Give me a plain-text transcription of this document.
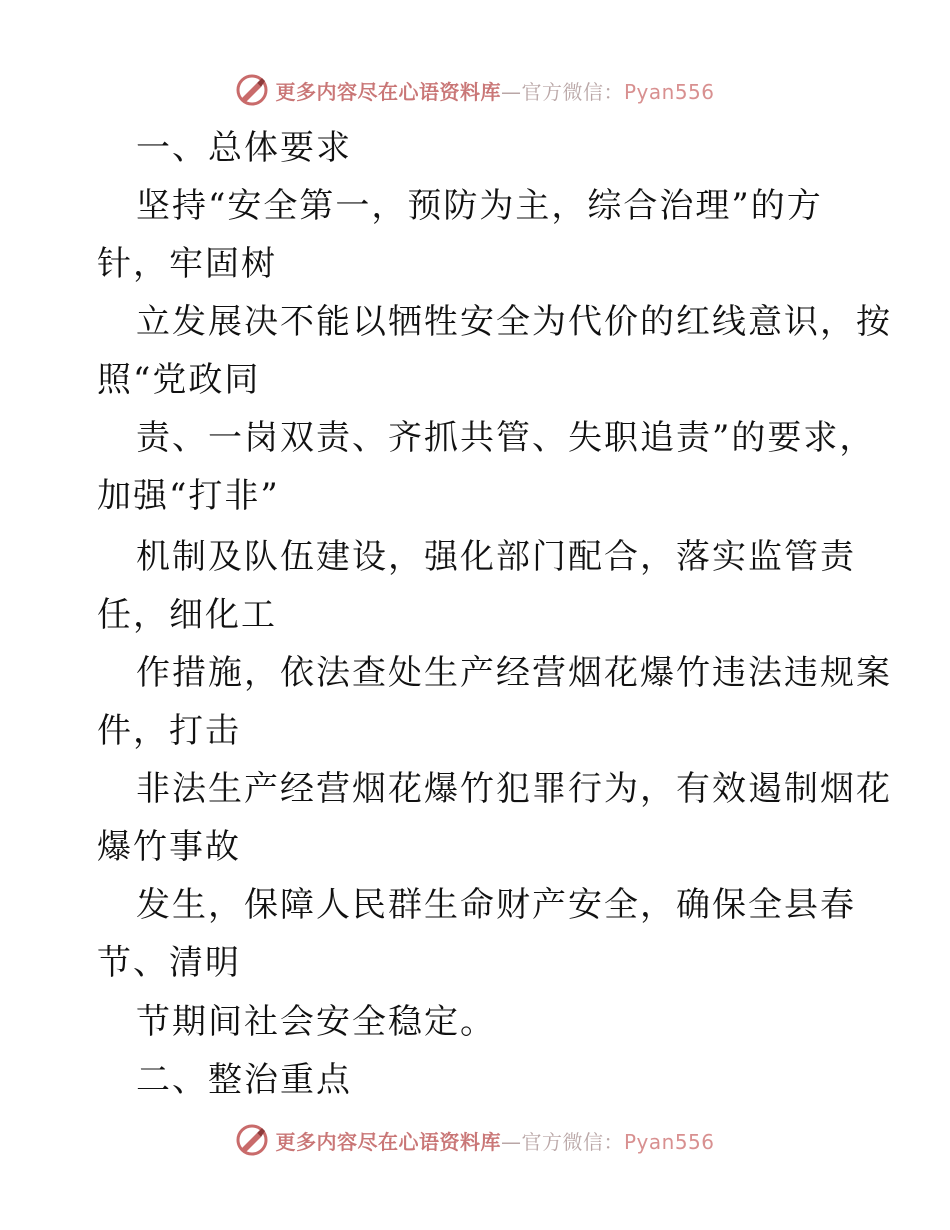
更多内容尽在心语资料库—官方微信：Pyan556
一、总体要求
坚持“安全第一，预防为主，综合治理”的方
针，牢固树
立发展决不能以牺牲安全为代价的红线意识，按
照“党政同
责、一岗双责、齐抓共管、失职追责”的要求，
加强“打非”
机制及队伍建设，强化部门配合，落实监管责
任，细化工
作措施，依法查处生产经营烟花爆竹违法违规案
件，打击
非法生产经营烟花爆竹犯罪行为，有效遏制烟花
爆竹事故
发生，保障人民群生命财产安全，确保全县春
节、清明
节期间社会安全稳定。
二、整治重点
更多内容尽在心语资料库—官方微信：Pyan556
